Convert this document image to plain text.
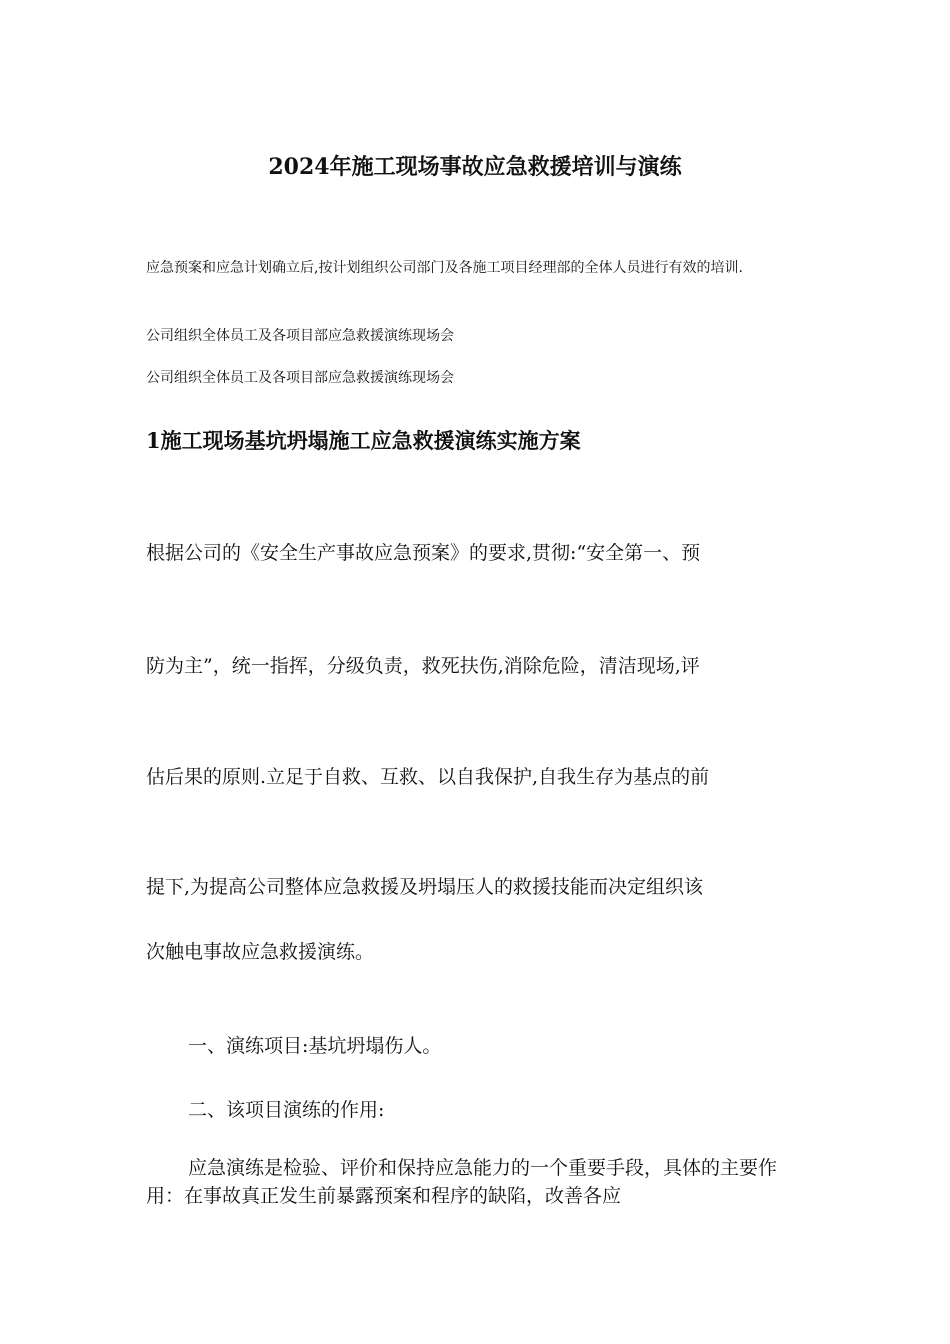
2024年施工现场事故应急救援培训与演练
应急预案和应急计划确立后,按计划组织公司部门及各施工项目经理部的全体人员进行有效的培训.
公司组织全体员工及各项目部应急救援演练现场会
公司组织全体员工及各项目部应急救援演练现场会
1施工现场基坑坍塌施工应急救援演练实施方案
根据公司的《安全生产事故应急预案》的要求,贯彻:“安全第一、预
防为主”，统一指挥，分级负责，救死扶伤,消除危险，清洁现场,评
估后果的原则.立足于自救、互救、以自我保护,自我生存为基点的前
提下,为提高公司整体应急救援及坍塌压人的救援技能而决定组织该
次触电事故应急救援演练。
一、演练项目:基坑坍塌伤人。
二、该项目演练的作用:
应急演练是检验、评价和保持应急能力的一个重要手段，具体的主要作用：在事故真正发生前暴露预案和程序的缺陷，改善各应
